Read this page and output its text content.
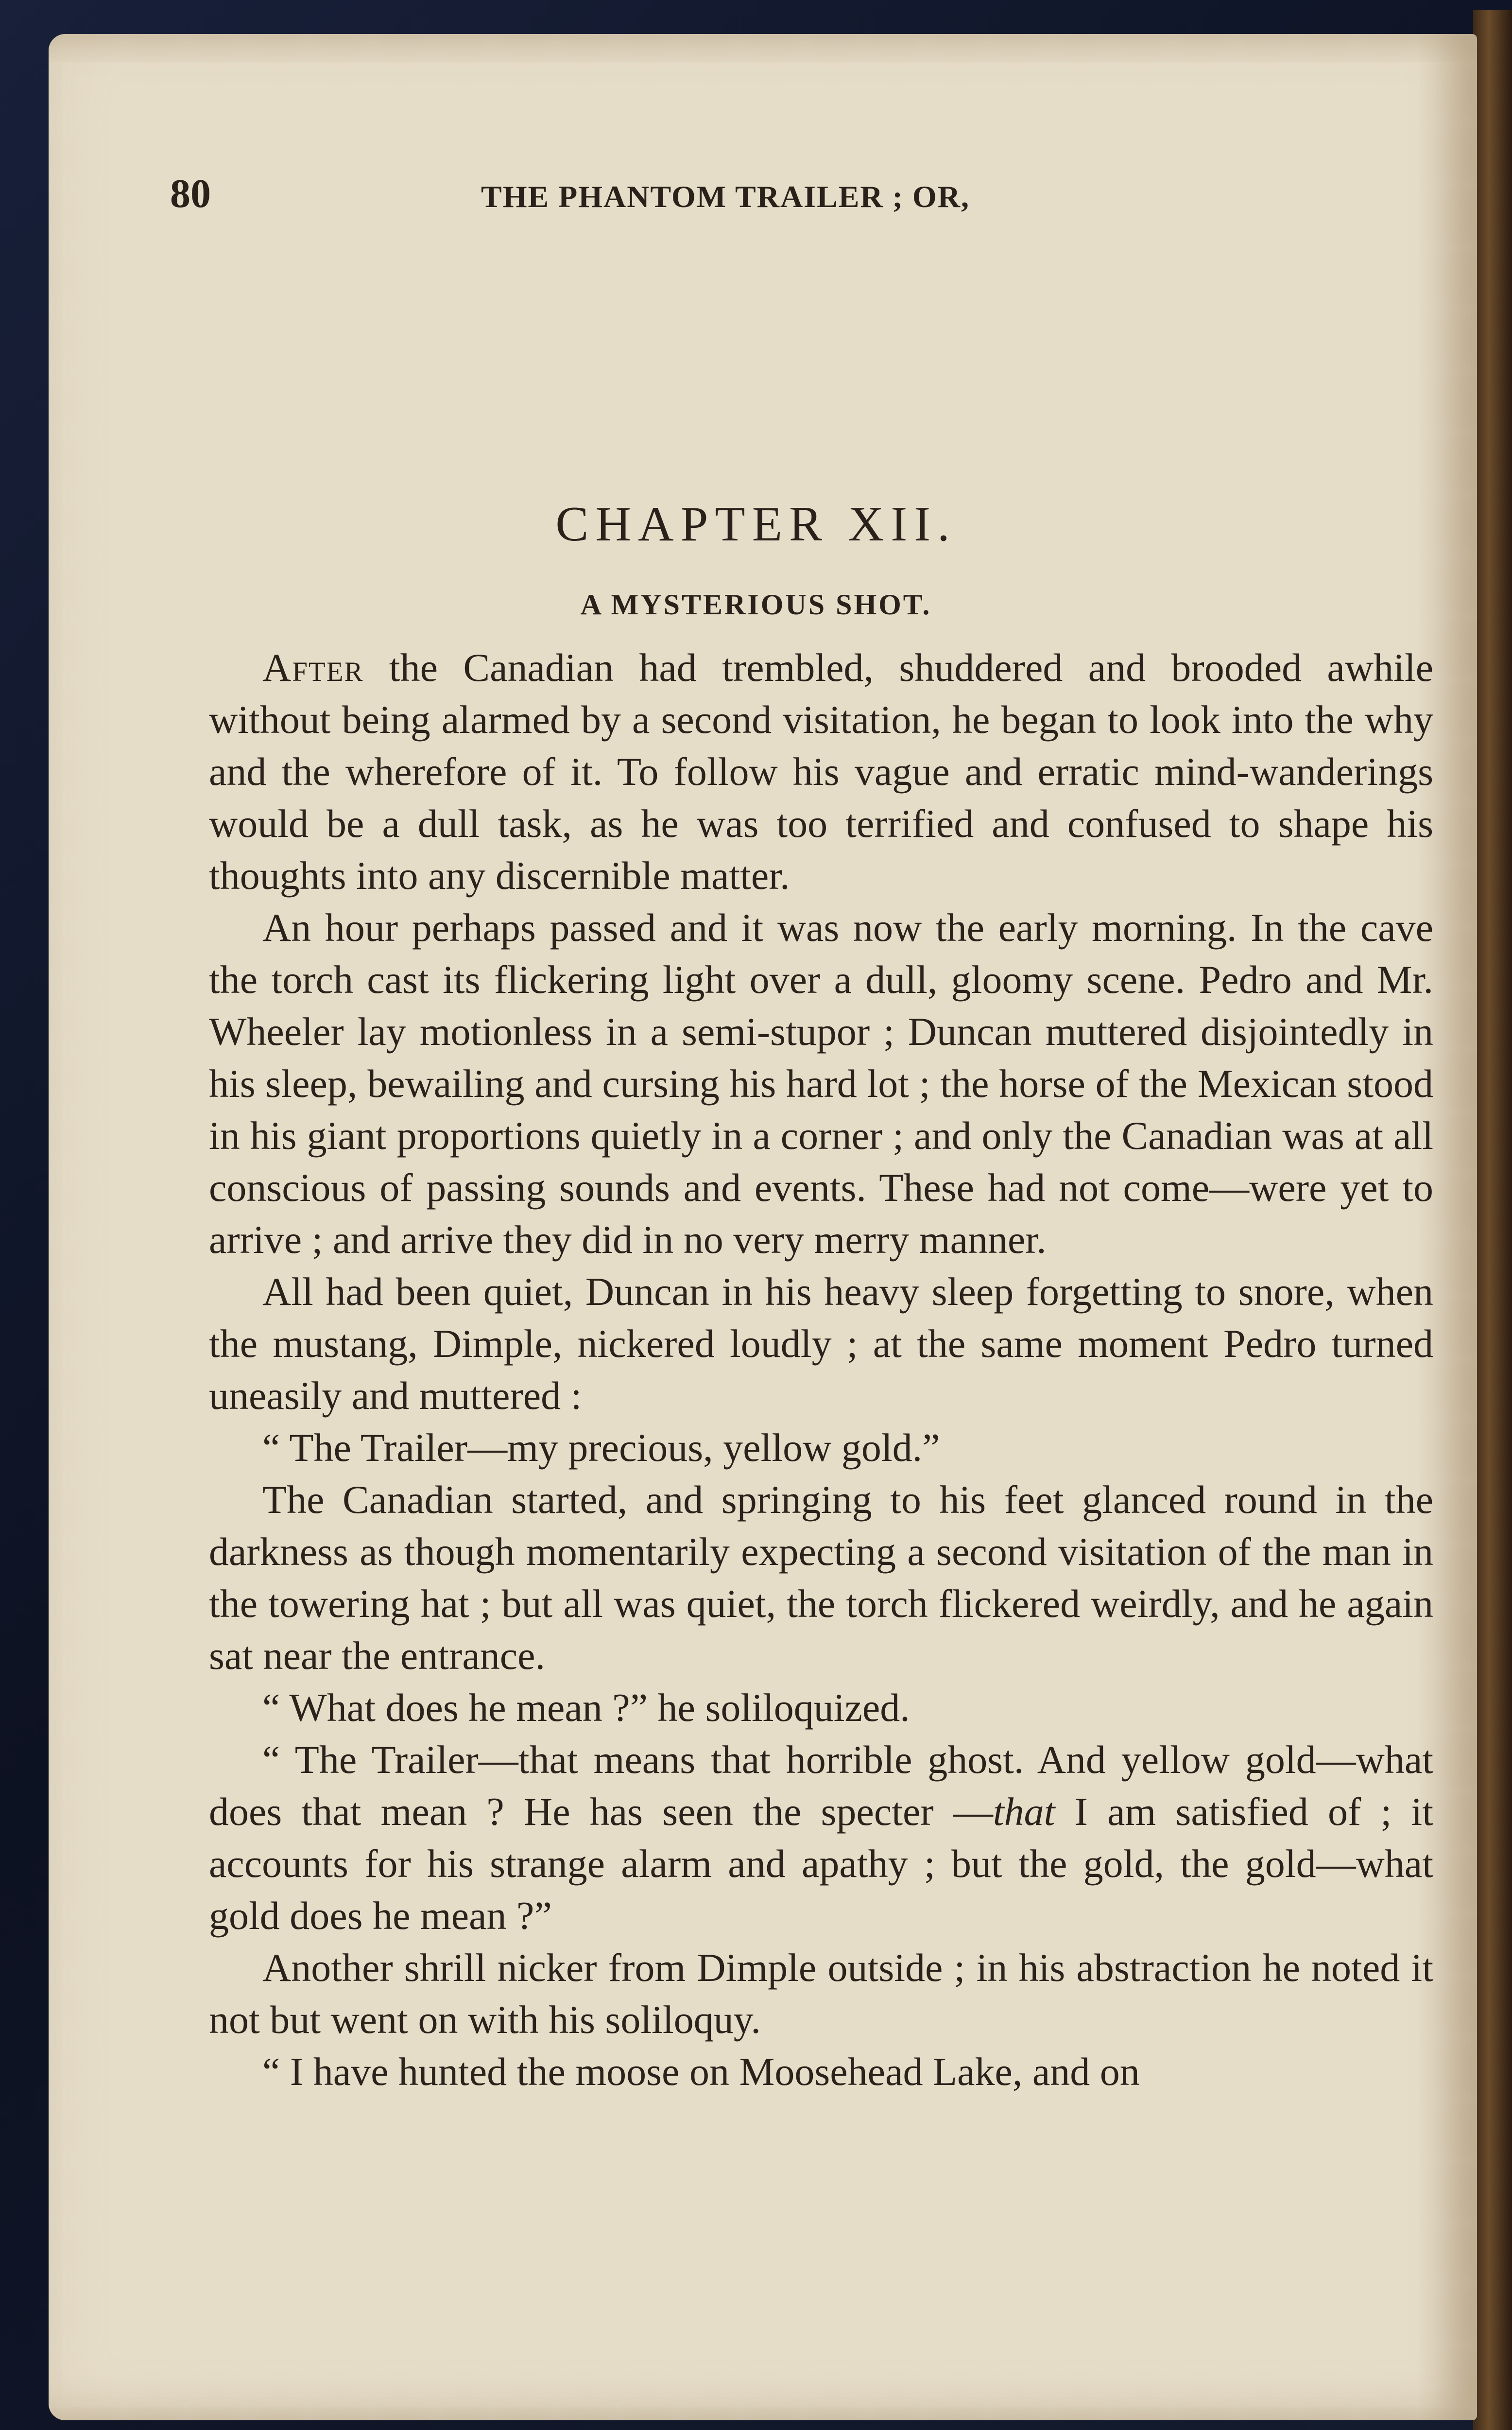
80	THE PHANTOM TRAILER ; OR,
CHAPTER XII.
A MYSTERIOUS SHOT.

After the Canadian had trembled, shuddered and brooded awhile without being alarmed by a second visitation, he began to look into the why and the wherefore of it. To follow his vague and erratic mind-wanderings would be a dull task, as he was too terrified and confused to shape his thoughts into any discernible matter.

An hour perhaps passed and it was now the early morning. In the cave the torch cast its flickering light over a dull, gloomy scene. Pedro and Mr. Wheeler lay motionless in a semi-stupor ; Duncan muttered disjointedly in his sleep, bewailing and cursing his hard lot ; the horse of the Mexican stood in his giant proportions quietly in a corner ; and only the Canadian was at all conscious of passing sounds and events. These had not come—were yet to arrive ; and arrive they did in no very merry manner.

All had been quiet, Duncan in his heavy sleep forgetting to snore, when the mustang, Dimple, nickered loudly ; at the same moment Pedro turned uneasily and muttered :

“ The Trailer—my precious, yellow gold.”

The Canadian started, and springing to his feet glanced round in the darkness as though momentarily expecting a second visitation of the man in the towering hat ; but all was quiet, the torch flickered weirdly, and he again sat near the entrance.

“ What does he mean ?” he soliloquized.

“ The Trailer—that means that horrible ghost. And yellow gold—what does that mean ? He has seen the specter —that I am satisfied of ; it accounts for his strange alarm and apathy ; but the gold, the gold—what gold does he mean ?”

Another shrill nicker from Dimple outside ; in his abstraction he noted it not but went on with his soliloquy.

“ I have hunted the moose on Moosehead Lake, and on
